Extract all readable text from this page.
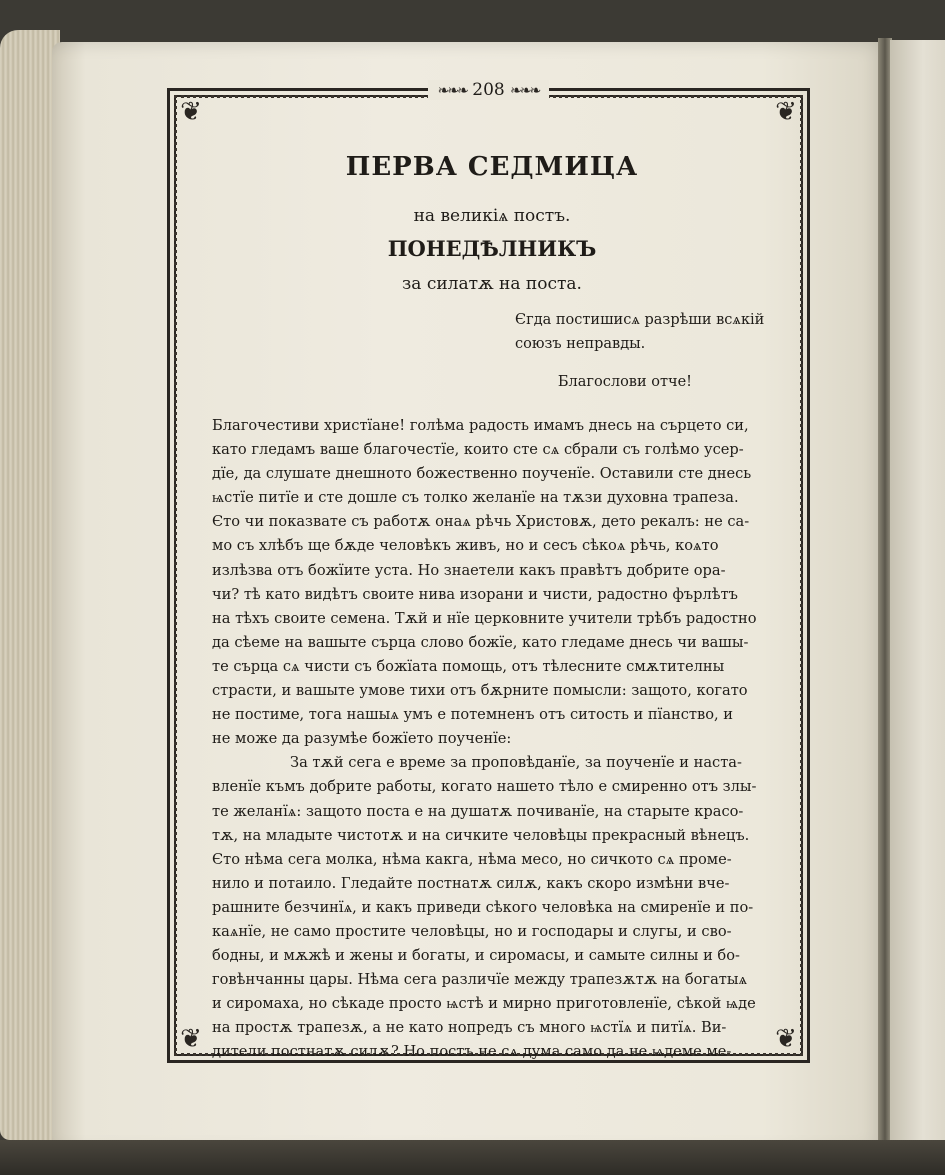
❦	❦
❦	❦
❧❧❧ 208 ❧❧❧
ПЕРВА СЕДМИЦА
на великіѧ постъ.
ПОНЕДѢЛНИКЪ
за силатѫ на поста.
Єгда постишисѧ разрѣши всѧкій
союзъ неправды.
Благослови отче!

Благочестиви христїане! голѣма радость имамъ днесь на сърцето си,
като гледамъ ваше благочестїе, които сте сѧ сбрали съ голѣмо усер-
дїе, да слушате днешното божественно поученїе. Оставили сте днесь
ѩстїе питїе и сте дошле съ толко желанїе на тѫзи духовна трапеза.
Єто чи показвате съ работѫ онаѧ рѣчь Христовѫ, дето рекалъ: не са-
мо съ хлѣбъ ще бѫде человѣкъ живъ, но и сесъ сѣкоѧ рѣчь, коѧто
излѣзва отъ божїите уста. Но знаетели какъ правѣтъ добрите ора-
чи? тѣ като видѣтъ своите нива изорани и чисти, радостно фърлѣтъ
на тѣхъ своите семена. Тѫй и нїе церковните учители трѣбъ радостно
да сѣеме на вашыте сърца слово божїе, като гледаме днесь чи вашы-
те сърца сѧ чисти съ божїата помощь, отъ тѣлесните смѫтителны
страсти, и вашыте умове тихи отъ бѫрните помысли: защото, когато
не постиме, тога нашыѧ умъ е потемненъ отъ ситость и пїанство, и
не може да разумѣе божїето поученїе:

За тѫй сега е време за проповѣданїе, за поученїе и наста-
вленїе къмъ добрите работы, когато нашето тѣло е смиренно отъ злы-
те желанїѧ: защото поста е на душатѫ почиванїе, на старыте красо-
тѫ, на младыте чистотѫ и на сичките человѣцы прекрасный вѣнецъ.
Єто нѣма сега молка, нѣма какга, нѣма месо, но сичкото сѧ проме-
нило и потаило. Гледайте постнатѫ силѫ, какъ скоро измѣни вче-
рашните безчинїѧ, и какъ приведи сѣкого человѣка на смиренїе и по-
каѧнїе, не само простите человѣцы, но и господары и слугы, и сво-
бодны, и мѫжѣ и жены и богаты, и сиромасы, и самыте силны и бо-
говѣнчанны цары. Нѣма сега различїе между трапезѫтѫ на богатыѧ
и сиромаха, но сѣкаде просто ѩстѣ и мирно приготовленїе, сѣкой ѩде
на простѫ трапезѫ, а не като нопредъ съ много ѩстїѧ и питїѧ. Ви-
дители постнатѫ силѫ? Но постъ не сѧ дума само да не ѩдеме ме-
